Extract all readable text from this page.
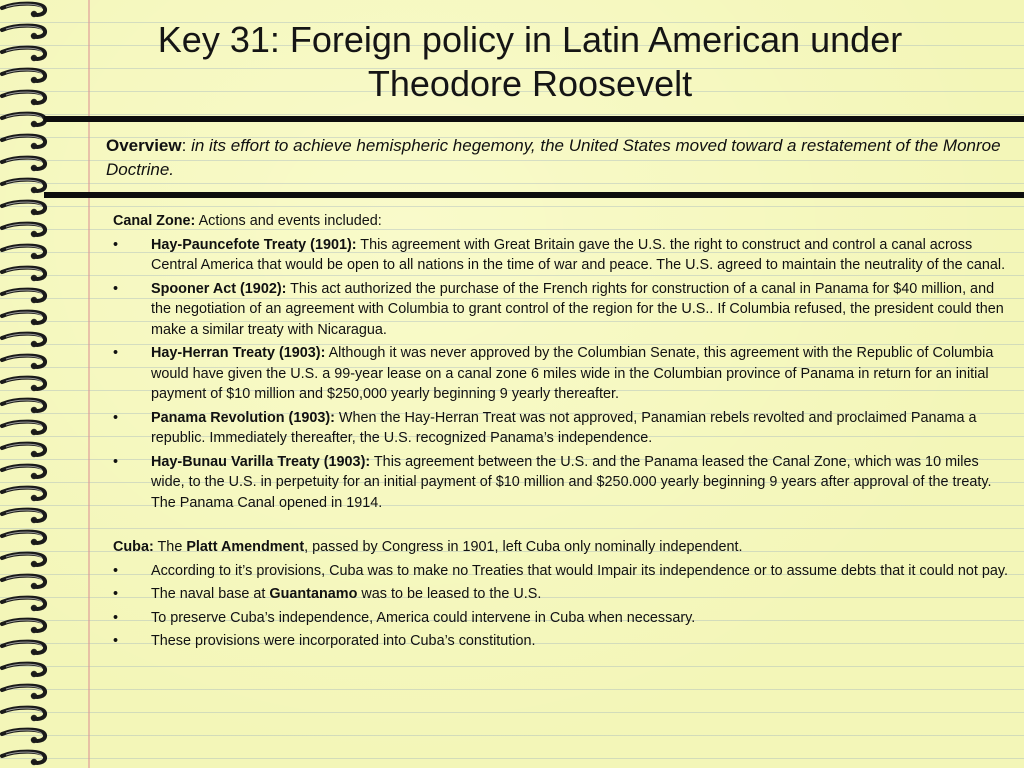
Key 31: Foreign policy in Latin American under Theodore Roosevelt
Overview: in its effort to achieve hemispheric hegemony, the United States moved toward a restatement of the Monroe Doctrine.
Canal Zone: Actions and events included:
• Hay-Pauncefote Treaty (1901): This agreement with Great Britain gave the U.S. the right to construct and control a canal across Central America that would be open to all nations in the time of war and peace. The U.S. agreed to maintain the neutrality of the canal.
• Spooner Act (1902): This act authorized the purchase of the French rights for construction of a canal in Panama for $40 million, and the negotiation of an agreement with Columbia to grant control of the region for the U.S.. If Columbia refused, the president could then make a similar treaty with Nicaragua.
• Hay-Herran Treaty (1903): Although it was never approved by the Columbian Senate, this agreement with the Republic of Columbia would have given the U.S. a 99-year lease on a canal zone 6 miles wide in the Columbian province of Panama in return for an initial payment of $10 million and $250,000 yearly beginning 9 yearly thereafter.
• Panama Revolution (1903): When the Hay-Herran Treat was not approved, Panamian rebels revolted and proclaimed Panama a republic. Immediately thereafter, the U.S. recognized Panama’s independence.
• Hay-Bunau Varilla Treaty (1903): This agreement between the U.S. and the Panama leased the Canal Zone, which was 10 miles wide, to the U.S. in perpetuity for an initial payment of $10 million and $250.000 yearly beginning 9 years after approval of the treaty. The Panama Canal opened in 1914.
Cuba: The Platt Amendment, passed by Congress in 1901, left Cuba only nominally independent.
• According to it’s provisions, Cuba was to make no Treaties that would Impair its independence or to assume debts that it could not pay.
• The naval base at Guantanamo was to be leased to the U.S.
• To preserve Cuba’s independence, America could intervene in Cuba when necessary.
• These provisions were incorporated into Cuba’s constitution.
